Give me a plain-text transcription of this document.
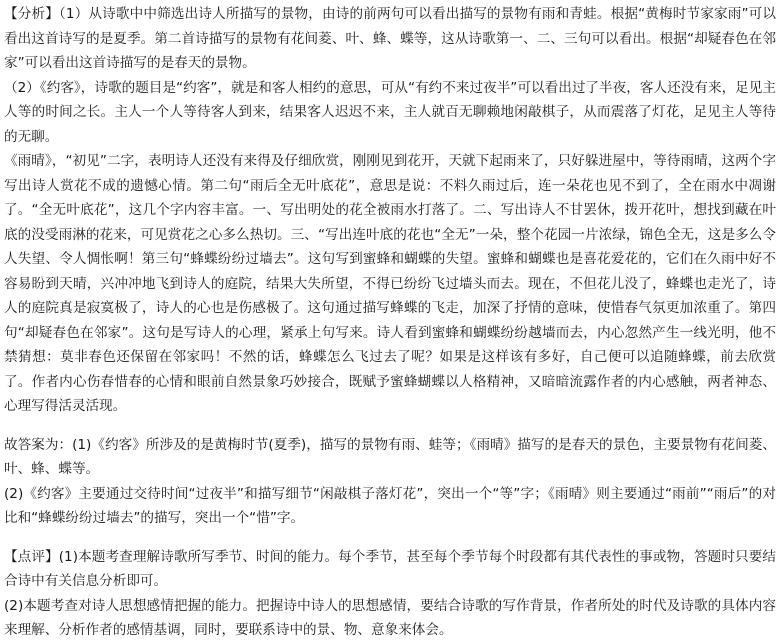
【分析】（1）从诗歌中中筛选出诗人所描写的景物，由诗的前两句可以看出描写的景物有雨和青蛙。根据“黄梅时节家家雨”可以看出这首诗写的是夏季。第二首诗描写的景物有花间菱、叶、蜂、蝶等，这从诗歌第一、二、三句可以看出。根据“却疑春色在邻家”可以看出这首诗描写的是春天的景物。

（2）《约客》，诗歌的题目是“约客”，就是和客人相约的意思，可从“有约不来过夜半”可以看出过了半夜，客人还没有来，足见主人等的时间之长。主人一个人等待客人到来，结果客人迟迟不来，主人就百无聊赖地闲敲棋子，从而震落了灯花，足见主人等待的无聊。

《雨晴》，“初见”二字，表明诗人还没有来得及仔细欣赏，刚刚见到花开，天就下起雨来了，只好躲进屋中，等待雨晴，这两个字写出诗人赏花不成的遗憾心情。第二句“雨后全无叶底花”，意思是说：不料久雨过后，连一朵花也见不到了，全在雨水中凋谢了。“全无叶底花”，这几个字内容丰富。一、写出明处的花全被雨水打落了。二、写出诗人不甘罢休，拨开花叶，想找到藏在叶底的没受雨淋的花来，可见赏花之心多么热切。三、“写出连叶底的花也“全无”一朵，整个花园一片浓绿，锦色全无，这是多么令人失望、令人惆怅啊！第三句“蜂蝶纷纷过墙去”。这句写到蜜蜂和蝴蝶的失望。蜜蜂和蝴蝶也是喜花爱花的，它们在久雨中好不容易盼到天晴，兴冲冲地飞到诗人的庭院，结果大失所望，不得已纷纷飞过墙头而去。现在，不但花儿没了，蜂蝶也走光了，诗人的庭院真是寂寞极了，诗人的心也是伤感极了。这句通过描写蜂蝶的飞走，加深了抒情的意味，使惜春气氛更加浓重了。第四句“却疑春色在邻家”。这句是写诗人的心理，紧承上句写来。诗人看到蜜蜂和蝴蝶纷纷越墙而去，内心忽然产生一线光明，他不禁猜想：莫非春色还保留在邻家吗！不然的话，蜂蝶怎么飞过去了呢？如果是这样该有多好，自己便可以追随蜂蝶，前去欣赏了。作者内心伤春惜春的心情和眼前自然景象巧妙接合，既赋予蜜蜂蝴蝶以人格精神，又暗暗流露作者的内心感触，两者神态、心理写得活灵活现。

故答案为：(1)《约客》所涉及的是黄梅时节(夏季)，描写的景物有雨、蛙等；《雨晴》描写的是春天的景色，主要景物有花间菱、叶、蜂、蝶等。

(2)《约客》主要通过交待时间“过夜半”和描写细节“闲敲棋子落灯花”，突出一个“等”字；《雨晴》则主要通过“雨前”“雨后”的对比和“蜂蝶纷纷过墙去”的描写，突出一个“惜”字。

【点评】(1)本题考查理解诗歌所写季节、时间的能力。每个季节，甚至每个季节每个时段都有其代表性的事或物，答题时只要结合诗中有关信息分析即可。

(2)本题考查对诗人思想感情把握的能力。把握诗中诗人的思想感情，要结合诗歌的写作背景，作者所处的时代及诗歌的具体内容来理解、分析作者的感情基调，同时，要联系诗中的景、物、意象来体会。
